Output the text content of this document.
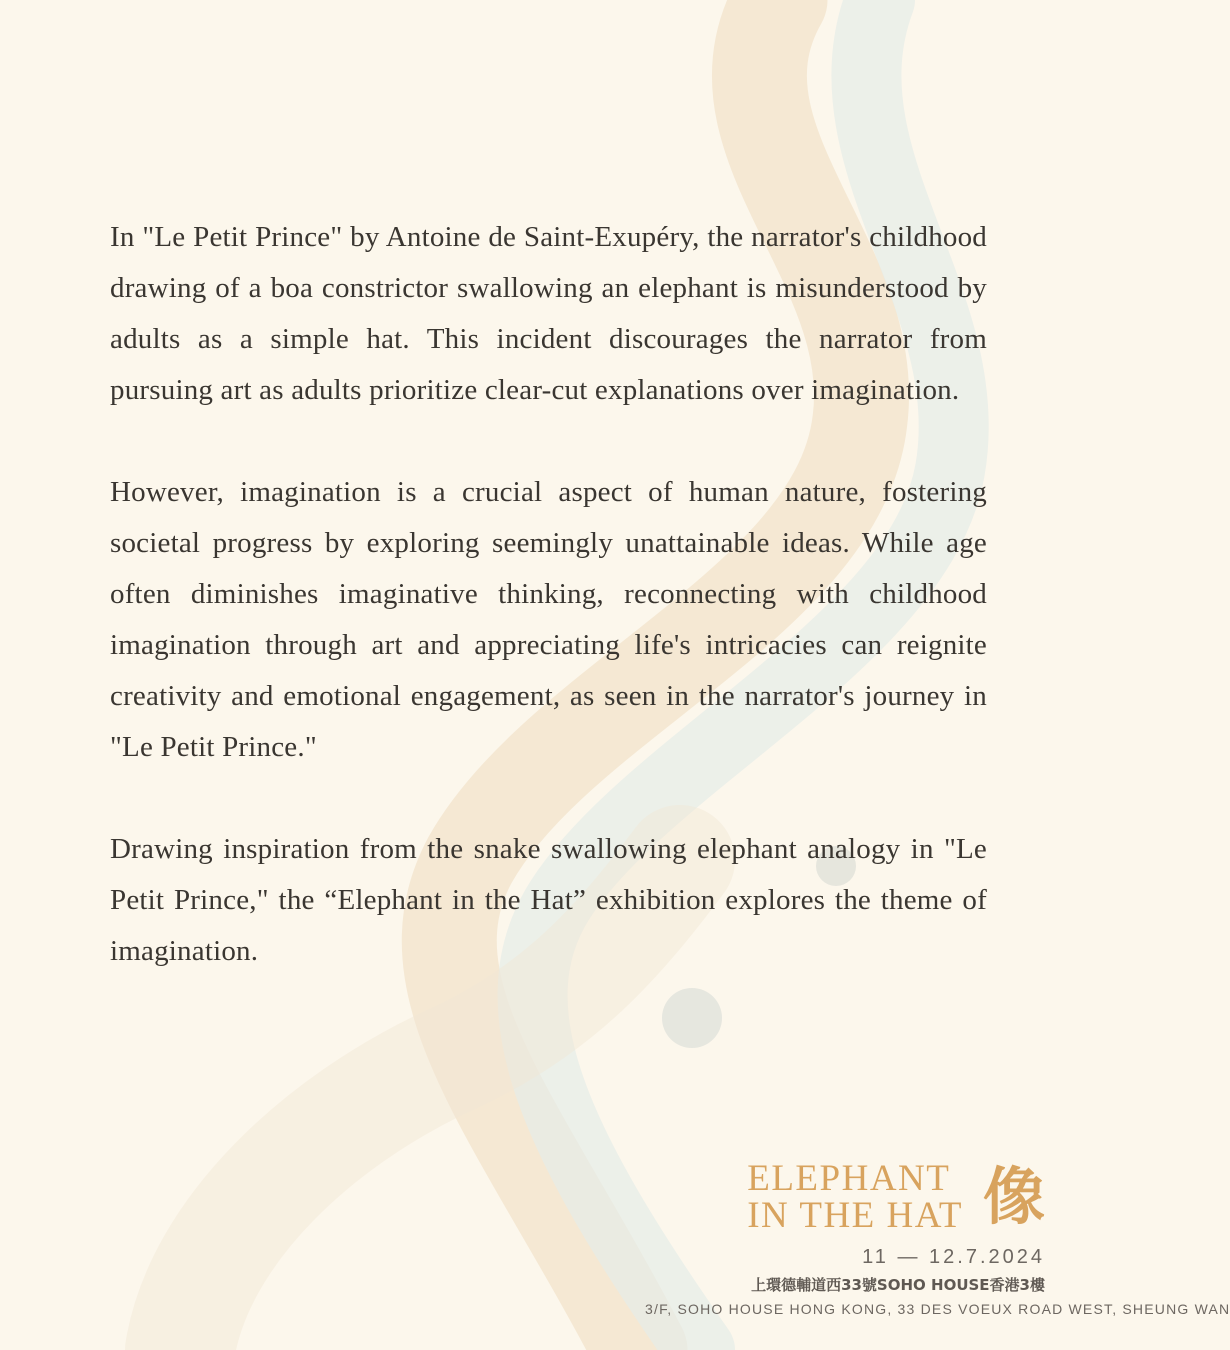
In "Le Petit Prince" by Antoine de Saint-Exupéry, the narrator's childhood drawing of a boa constrictor swallowing an elephant is misunderstood by adults as a simple hat. This incident discourages the narrator from pursuing art as adults prioritize clear-cut explanations over imagination.

However, imagination is a crucial aspect of human nature, fostering societal progress by exploring seemingly unattainable ideas. While age often diminishes imaginative thinking, reconnecting with childhood imagination through art and appreciating life's intricacies can reignite creativity and emotional engagement, as seen in the narrator's journey in "Le Petit Prince."

Drawing inspiration from the snake swallowing elephant analogy in "Le Petit Prince," the “Elephant in the Hat” exhibition explores the theme of imagination.

ELEPHANT
IN THE HAT 像
11 — 12.7.2024
上環德輔道西33號SOHO HOUSE香港3樓
3/F, SOHO HOUSE HONG KONG, 33 DES VOEUX ROAD WEST, SHEUNG WAN
